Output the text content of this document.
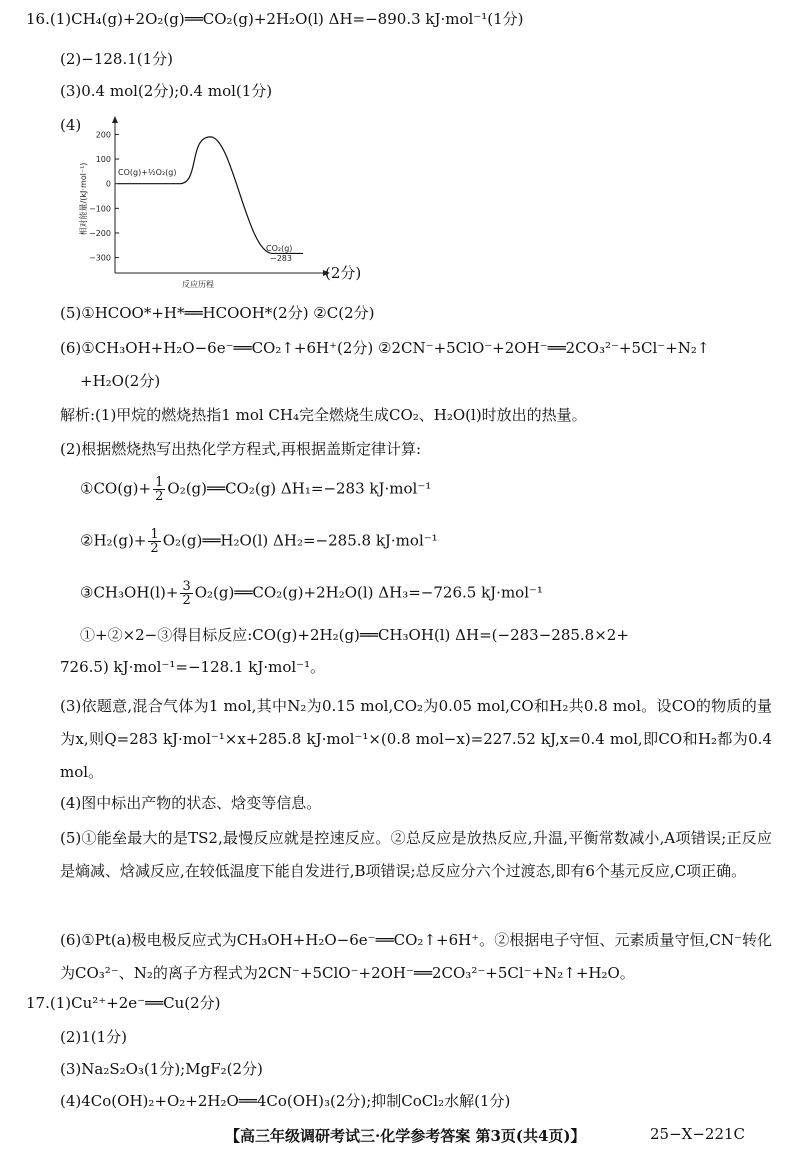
16.(1)CH₄(g)+2O₂(g)══CO₂(g)+2H₂O(l) ΔH=−890.3 kJ·mol⁻¹(1分)
(2)−128.1(1分)
(3)0.4 mol(2分);0.4 mol(1分)
(4)
200
100
0
−100
−200
−300
相对能量/(kJ·mol⁻¹)
反应历程
CO(g)+½O₂(g)
CO₂(g)
−283
(2分)
(5)①HCOO*+H*══HCOOH*(2分) ②C(2分)
(6)①CH₃OH+H₂O−6e⁻══CO₂↑+6H⁺(2分) ②2CN⁻+5ClO⁻+2OH⁻══2CO₃²⁻+5Cl⁻+N₂↑
+H₂O(2分)
解析:(1)甲烷的燃烧热指1 mol CH₄完全燃烧生成CO₂、H₂O(l)时放出的热量。
(2)根据燃烧热写出热化学方程式,再根据盖斯定律计算:
①CO(g)+ $\frac{1}{2}$ O₂(g)══CO₂(g) ΔH₁=−283 kJ·mol⁻¹
②H₂(g)+ $\frac{1}{2}$ O₂(g)══H₂O(l) ΔH₂=−285.8 kJ·mol⁻¹
③CH₃OH(l)+ $\frac{3}{2}$ O₂(g)══CO₂(g)+2H₂O(l) ΔH₃=−726.5 kJ·mol⁻¹
①+②×2−③得目标反应:CO(g)+2H₂(g)══CH₃OH(l) ΔH=(−283−285.8×2+
726.5) kJ·mol⁻¹=−128.1 kJ·mol⁻¹。
(3)依题意,混合气体为1 mol,其中N₂为0.15 mol,CO₂为0.05 mol,CO和H₂共0.8 mol。设CO的物质的量为x,则Q=283 kJ·mol⁻¹×x+285.8 kJ·mol⁻¹×(0.8 mol−x)=227.52 kJ,x=0.4 mol,即CO和H₂都为0.4 mol。
(4)图中标出产物的状态、焓变等信息。
(5)①能垒最大的是TS2,最慢反应就是控速反应。②总反应是放热反应,升温,平衡常数减小,A项错误;正反应是熵减、焓减反应,在较低温度下能自发进行,B项错误;总反应分六个过渡态,即有6个基元反应,C项正确。
(6)①Pt(a)极电极反应式为CH₃OH+H₂O−6e⁻══CO₂↑+6H⁺。②根据电子守恒、元素质量守恒,CN⁻转化为CO₃²⁻、N₂的离子方程式为2CN⁻+5ClO⁻+2OH⁻══2CO₃²⁻+5Cl⁻+N₂↑+H₂O。
17.(1)Cu²⁺+2e⁻══Cu(2分)
(2)1(1分)
(3)Na₂S₂O₃(1分);MgF₂(2分)
(4)4Co(OH)₂+O₂+2H₂O══4Co(OH)₃(2分);抑制CoCl₂水解(1分)
【高三年级调研考试三·化学参考答案 第3页(共4页)】	25−X−221C
